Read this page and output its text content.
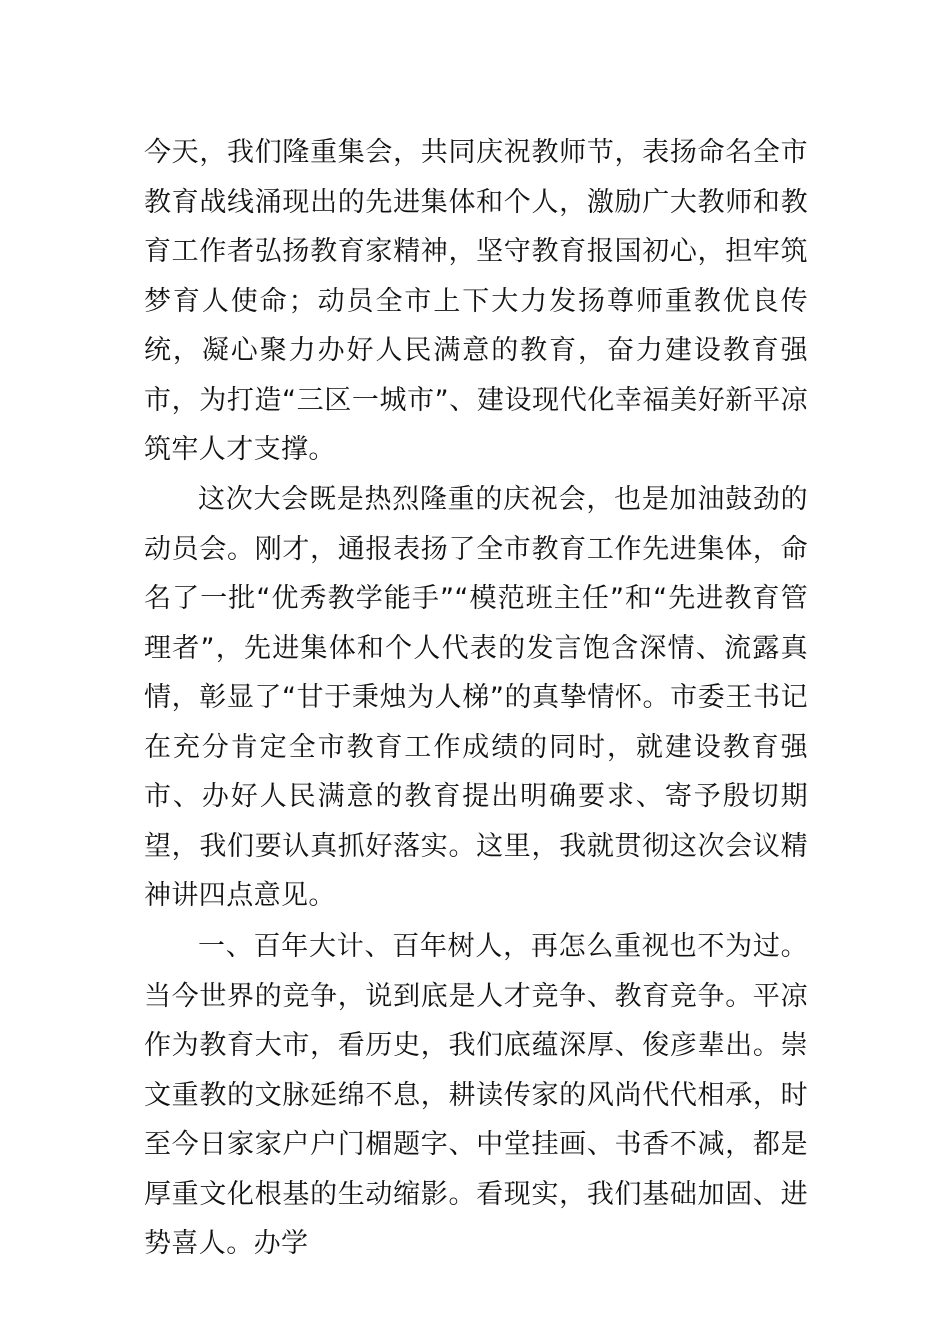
今天，我们隆重集会，共同庆祝教师节，表扬命名全市教育战线涌现出的先进集体和个人，激励广大教师和教育工作者弘扬教育家精神，坚守教育报国初心，担牢筑梦育人使命；动员全市上下大力发扬尊师重教优良传统，凝心聚力办好人民满意的教育，奋力建设教育强市，为打造“三区一城市”、建设现代化幸福美好新平凉筑牢人才支撑。

这次大会既是热烈隆重的庆祝会，也是加油鼓劲的动员会。刚才，通报表扬了全市教育工作先进集体，命名了一批“优秀教学能手”“模范班主任”和“先进教育管理者”，先进集体和个人代表的发言饱含深情、流露真情，彰显了“甘于秉烛为人梯”的真挚情怀。市委王书记在充分肯定全市教育工作成绩的同时，就建设教育强市、办好人民满意的教育提出明确要求、寄予殷切期望，我们要认真抓好落实。这里，我就贯彻这次会议精神讲四点意见。

一、百年大计、百年树人，再怎么重视也不为过。当今世界的竞争，说到底是人才竞争、教育竞争。平凉作为教育大市，看历史，我们底蕴深厚、俊彦辈出。崇文重教的文脉延绵不息，耕读传家的风尚代代相承，时至今日家家户户门楣题字、中堂挂画、书香不减，都是厚重文化根基的生动缩影。看现实，我们基础加固、进势喜人。办学
